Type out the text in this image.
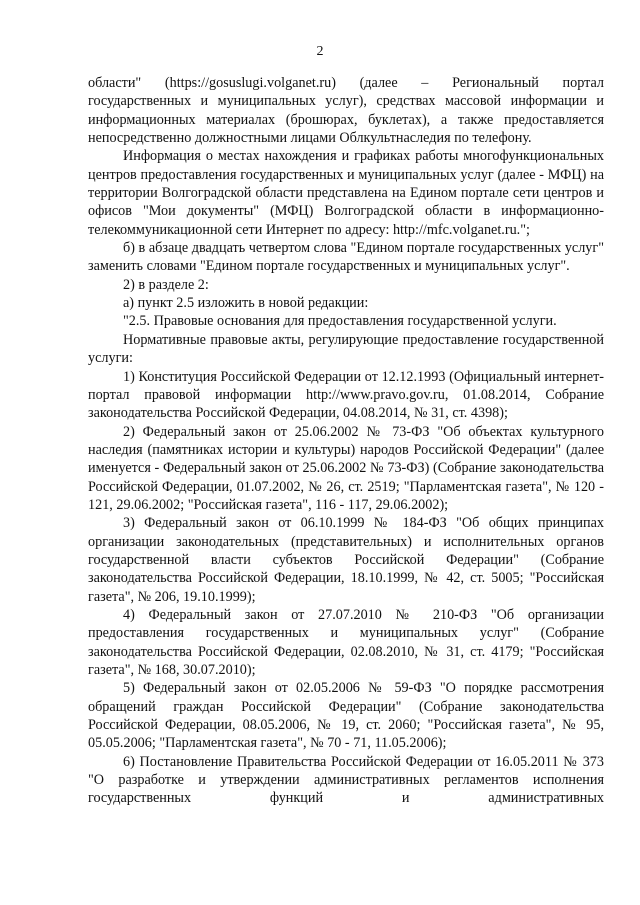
2

области" (https://gosuslugi.volganet.ru) (далее – Региональный портал государственных и муниципальных услуг), средствах массовой информации и информационных материалах (брошюрах, буклетах), а также предоставляется непосредственно должностными лицами Облкультнаследия по телефону.

Информация о местах нахождения и графиках работы многофункциональных центров предоставления государственных и муниципальных услуг (далее - МФЦ) на территории Волгоградской области представлена на Едином портале сети центров и офисов "Мои документы" (МФЦ) Волгоградской области в информационно-телекоммуникационной сети Интернет по адресу: http://mfc.volganet.ru.";

б) в абзаце двадцать четвертом слова "Едином портале государственных услуг" заменить словами "Едином портале государственных и муниципальных услуг".

2) в разделе 2:

а) пункт 2.5 изложить в новой редакции:

"2.5. Правовые основания для предоставления государственной услуги.

Нормативные правовые акты, регулирующие предоставление государственной услуги:

1) Конституция Российской Федерации от 12.12.1993 (Официальный интернет-портал правовой информации http://www.pravo.gov.ru, 01.08.2014, Собрание законодательства Российской Федерации, 04.08.2014, № 31, ст. 4398);

2) Федеральный закон от 25.06.2002 № 73-ФЗ "Об объектах культурного наследия (памятниках истории и культуры) народов Российской Федерации" (далее именуется - Федеральный закон от 25.06.2002 № 73-ФЗ) (Собрание законодательства Российской Федерации, 01.07.2002, № 26, ст. 2519; "Парламентская газета", № 120 - 121, 29.06.2002; "Российская газета", 116 - 117, 29.06.2002);

3) Федеральный закон от 06.10.1999 № 184-ФЗ "Об общих принципах организации законодательных (представительных) и исполнительных органов государственной власти субъектов Российской Федерации" (Собрание законодательства Российской Федерации, 18.10.1999, № 42, ст. 5005; "Российская газета", № 206, 19.10.1999);

4) Федеральный закон от 27.07.2010 № 210-ФЗ "Об организации предоставления государственных и муниципальных услуг" (Собрание законодательства Российской Федерации, 02.08.2010, № 31, ст. 4179; "Российская газета", № 168, 30.07.2010);

5) Федеральный закон от 02.05.2006 № 59-ФЗ "О порядке рассмотрения обращений граждан Российской Федерации" (Собрание законодательства Российской Федерации, 08.05.2006, № 19, ст. 2060; "Российская газета", № 95, 05.05.2006; "Парламентская газета", № 70 - 71, 11.05.2006);

6) Постановление Правительства Российской Федерации от 16.05.2011 № 373 "О разработке и утверждении административных регламентов исполнения государственных функций и административных
